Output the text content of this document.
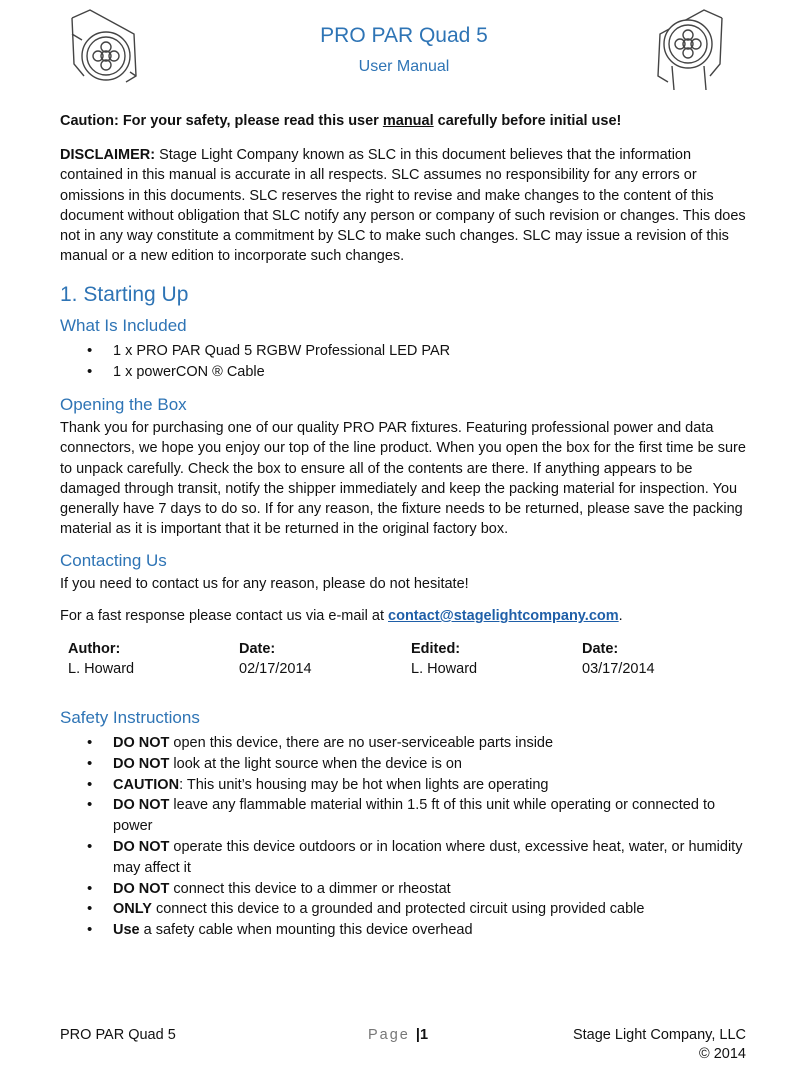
PRO PAR Quad 5
User Manual
Caution: For your safety, please read this user manual carefully before initial use!
DISCLAIMER: Stage Light Company known as SLC in this document believes that the information contained in this manual is accurate in all respects. SLC assumes no responsibility for any errors or omissions in this documents. SLC reserves the right to revise and make changes to the content of this document without obligation that SLC notify any person or company of such revision or changes. This does not in any way constitute a commitment by SLC to make such changes. SLC may issue a revision of this manual or a new edition to incorporate such changes.
1. Starting Up
What Is Included
• 1 x PRO PAR Quad 5 RGBW Professional LED PAR
• 1 x powerCON ® Cable
Opening the Box
Thank you for purchasing one of our quality PRO PAR fixtures. Featuring professional power and data connectors, we hope you enjoy our top of the line product. When you open the box for the first time be sure to unpack carefully. Check the box to ensure all of the contents are there. If anything appears to be damaged through transit, notify the shipper immediately and keep the packing material for inspection. You generally have 7 days to do so. If for any reason, the fixture needs to be returned, please save the packing material as it is important that it be returned in the original factory box.
Contacting Us
If you need to contact us for any reason, please do not hesitate!
For a fast response please contact us via e-mail at contact@stagelightcompany.com.
Author:
L. Howard
Date:
02/17/2014
Edited:
L. Howard
Date:
03/17/2014
Safety Instructions
• DO NOT open this device, there are no user-serviceable parts inside
• DO NOT look at the light source when the device is on
• CAUTION: This unit’s housing may be hot when lights are operating
• DO NOT leave any flammable material within 1.5 ft of this unit while operating or connected to power
• DO NOT operate this device outdoors or in location where dust, excessive heat, water, or humidity may affect it
• DO NOT connect this device to a dimmer or rheostat
• ONLY connect this device to a grounded and protected circuit using provided cable
• Use a safety cable when mounting this device overhead
PRO PAR Quad 5	Page |1	Stage Light Company, LLC
© 2014
